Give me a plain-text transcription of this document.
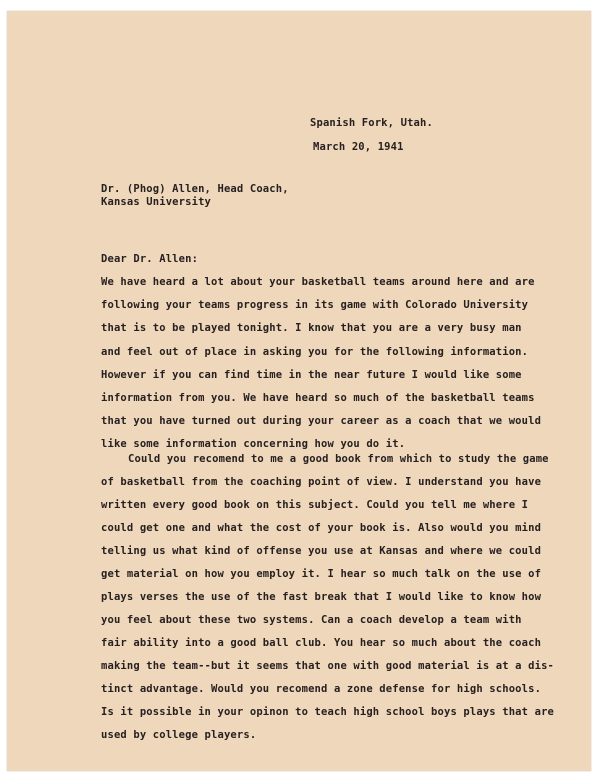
Spanish Fork, Utah.
March 20, 1941
Dr. (Phog) Allen, Head Coach,
Kansas University
Dear Dr. Allen:
We have heard a lot about your basketball teams around here and are
following your teams progress in its game with Colorado University
that is to be played tonight. I know that you are a very busy man
and feel out of place in asking you for the following information.
However if you can find time in the near future I would like some
information from you. We have heard so much of the basketball teams
that you have turned out during your career as a coach that we would
like some information concerning how you do it.
Could you recomend to me a good book from which to study the game
of basketball from the coaching point of view. I understand you have
written every good book on this subject. Could you tell me where I
could get one and what the cost of your book is. Also would you mind
telling us what kind of offense you use at Kansas and where we could
get material on how you employ it. I hear so much talk on the use of
plays verses the use of the fast break that I would like to know how
you feel about these two systems. Can a coach develop a team with
fair ability into a good ball club. You hear so much about the coach
making the team--but it seems that one with good material is at a dis-
tinct advantage. Would you recomend a zone defense for high schools.
Is it possible in your opinon to teach high school boys plays that are
used by college players.
